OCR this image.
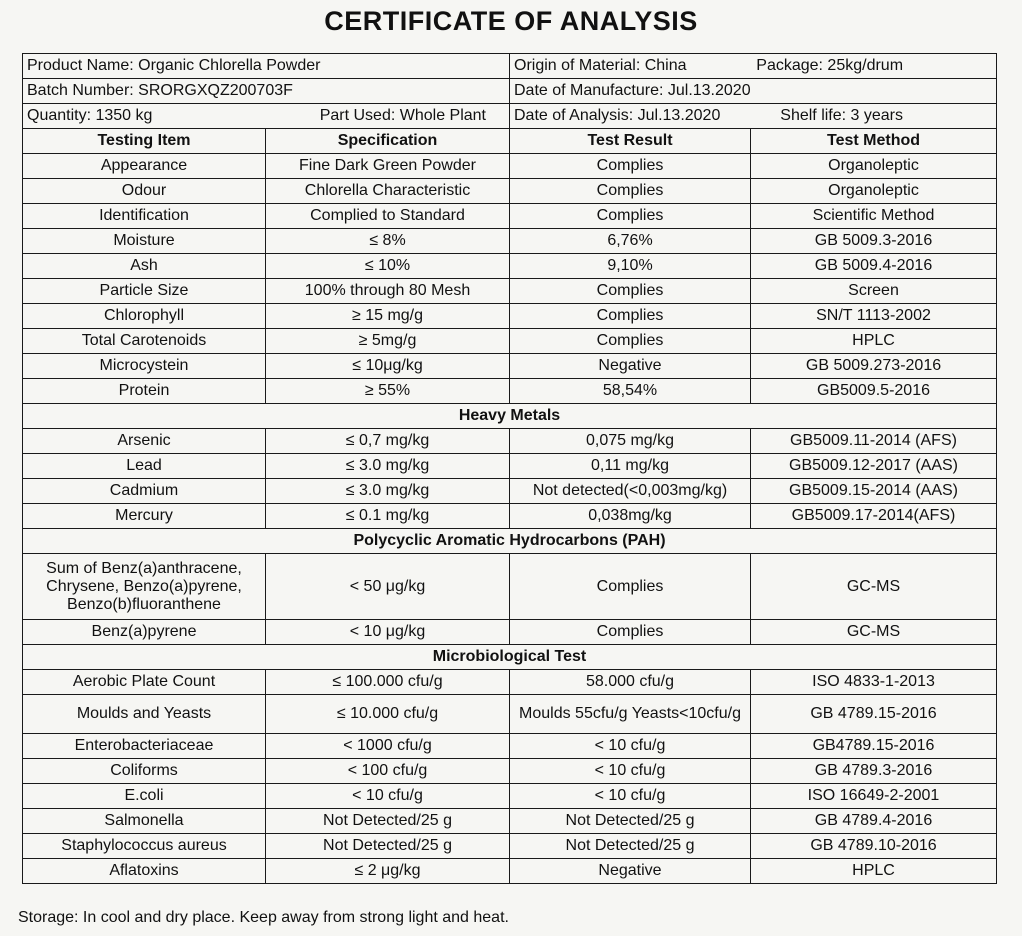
CERTIFICATE OF ANALYSIS
Product Name: Organic Chlorella Powder		Origin of Material: China Package: 25kg/drum	

Batch Number: SRORGXQZ200703F		Date of Manufacture: Jul.13.2020	

Quantity: 1350 kg Part Used: Whole Plant		Date of Analysis: Jul.13.2020 Shelf life: 3 years	

Testing Item	Specification	Test Result	Test Method
Appearance	Fine Dark Green Powder	Complies	Organoleptic
Odour	Chlorella Characteristic	Complies	Organoleptic
Identification	Complied to Standard	Complies	Scientific Method
Moisture	≤ 8%	6,76%	GB 5009.3-2016
Ash	≤ 10%	9,10%	GB 5009.4-2016
Particle Size	100% through 80 Mesh	Complies	Screen
Chlorophyll	≥ 15 mg/g	Complies	SN/T 1113-2002
Total Carotenoids	≥ 5mg/g	Complies	HPLC
Microcystein	≤ 10μg/kg	Negative	GB 5009.273-2016
Protein	≥ 55%	58,54%	GB5009.5-2016
Heavy Metals			
Arsenic	≤ 0,7 mg/kg	0,075 mg/kg	GB5009.11-2014 (AFS)
Lead	≤ 3.0 mg/kg	0,11 mg/kg	GB5009.12-2017 (AAS)
Cadmium	≤ 3.0 mg/kg	Not detected(<0,003mg/kg)	GB5009.15-2014 (AAS)
Mercury	≤ 0.1 mg/kg	0,038mg/kg	GB5009.17-2014(AFS)
Polycyclic Aromatic Hydrocarbons (PAH)			
Sum of Benz(a)anthracene, Chrysene, Benzo(a)pyrene, Benzo(b)fluoranthene	< 50 μg/kg	Complies	GC-MS
Benz(a)pyrene	< 10 μg/kg	Complies	GC-MS
Microbiological Test			
Aerobic Plate Count	≤ 100.000 cfu/g	58.000 cfu/g	ISO 4833-1-2013
Moulds and Yeasts	≤ 10.000 cfu/g	Moulds 55cfu/g Yeasts<10cfu/g	GB 4789.15-2016
Enterobacteriaceae	< 1000 cfu/g	< 10 cfu/g	GB4789.15-2016
Coliforms	< 100 cfu/g	< 10 cfu/g	GB 4789.3-2016
E.coli	< 10 cfu/g	< 10 cfu/g	ISO 16649-2-2001
Salmonella	Not Detected/25 g	Not Detected/25 g	GB 4789.4-2016
Staphylococcus aureus	Not Detected/25 g	Not Detected/25 g	GB 4789.10-2016
Aflatoxins	≤ 2 μg/kg	Negative	HPLC
Storage: In cool and dry place. Keep away from strong light and heat.
